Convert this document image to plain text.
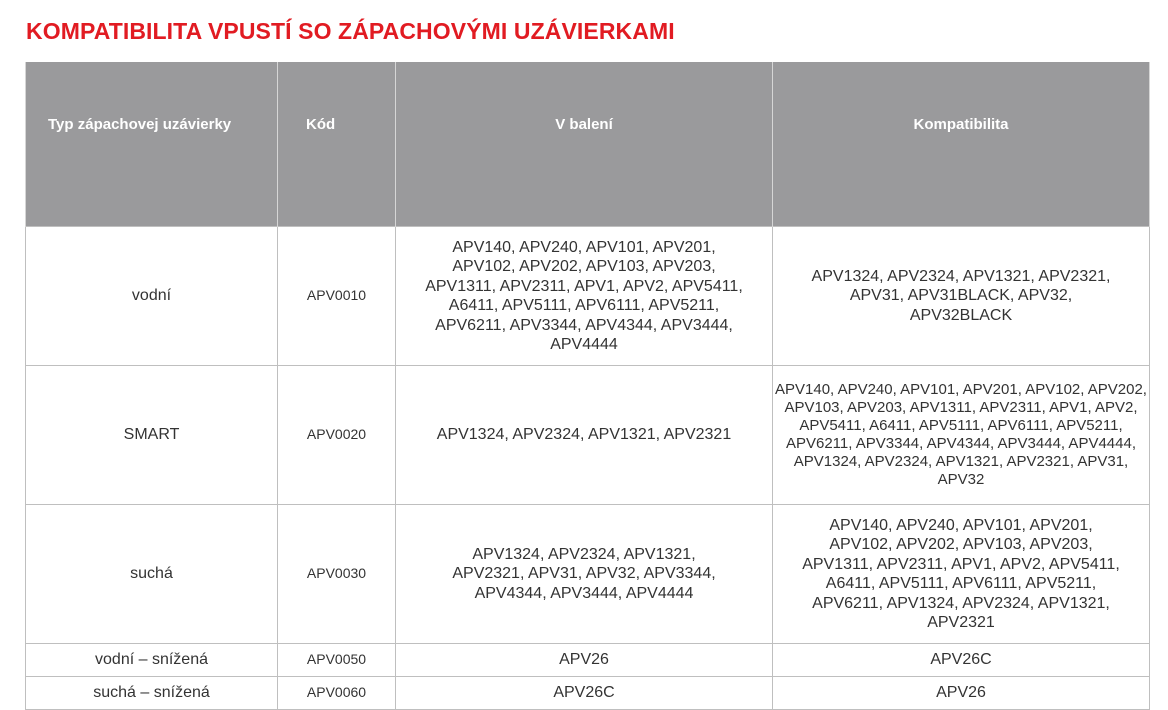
KOMPATIBILITA VPUSTÍ SO ZÁPACHOVÝMI UZÁVIERKAMI
Typ zápachovej uzávierky	Kód	V balení	Kompatibilita
vodní	APV0010	APV140, APV240, APV101, APV201, APV102, APV202, APV103, APV203, APV1311, APV2311, APV1, APV2, APV5411, A6411, APV5111, APV6111, APV5211, APV6211, APV3344, APV4344, APV3444, APV4444	APV1324, APV2324, APV1321, APV2321, APV31, APV31BLACK, APV32, APV32BLACK
SMART	APV0020	APV1324, APV2324, APV1321, APV2321	APV140, APV240, APV101, APV201, APV102, APV202, APV103, APV203, APV1311, APV2311, APV1, APV2, APV5411, A6411, APV5111, APV6111, APV5211, APV6211, APV3344, APV4344, APV3444, APV4444, APV1324, APV2324, APV1321, APV2321, APV31, APV32
suchá	APV0030	APV1324, APV2324, APV1321, APV2321, APV31, APV32, APV3344, APV4344, APV3444, APV4444	APV140, APV240, APV101, APV201, APV102, APV202, APV103, APV203, APV1311, APV2311, APV1, APV2, APV5411, A6411, APV5111, APV6111, APV5211, APV6211, APV1324, APV2324, APV1321, APV2321
vodní – snížená	APV0050	APV26	APV26C
suchá – snížená	APV0060	APV26C	APV26
